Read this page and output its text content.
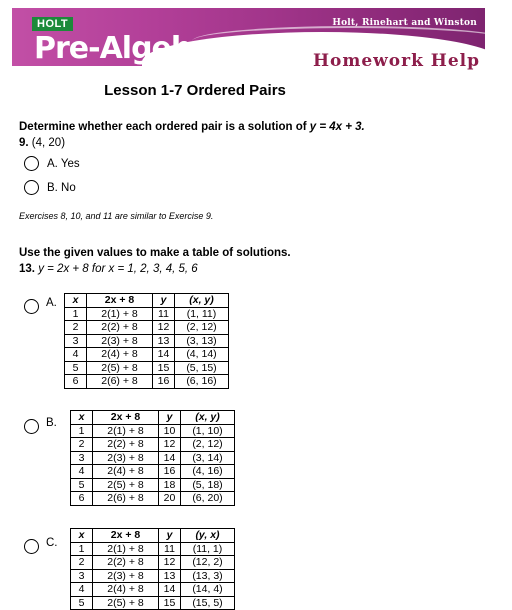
HOLT
Pre-Algebra
Holt, Rinehart and Winston
Homework Help
Lesson 1-7 Ordered Pairs
Determine whether each ordered pair is a solution of y = 4x + 3.
9. (4, 20)
A. Yes
B. No
Exercises 8, 10, and 11 are similar to Exercise 9.
Use the given values to make a table of solutions.
13. y = 2x + 8 for x = 1, 2, 3, 4, 5, 6
A. x	2x + 8	y	(x, y)
1	2(1) + 8	11	(1, 11)
2	2(2) + 8	12	(2, 12)
3	2(3) + 8	13	(3, 13)
4	2(4) + 8	14	(4, 14)
5	2(5) + 8	15	(5, 15)
6	2(6) + 8	16	(6, 16)
B. x	2x + 8	y	(x, y)
1	2(1) + 8	10	(1, 10)
2	2(2) + 8	12	(2, 12)
3	2(3) + 8	14	(3, 14)
4	2(4) + 8	16	(4, 16)
5	2(5) + 8	18	(5, 18)
6	2(6) + 8	20	(6, 20)
C.
x	2x + 8	y	(y, x)
1	2(1) + 8	11	(11, 1)
2	2(2) + 8	12	(12, 2)
3	2(3) + 8	13	(13, 3)
4	2(4) + 8	14	(14, 4)
5	2(5) + 8	15	(15, 5)
